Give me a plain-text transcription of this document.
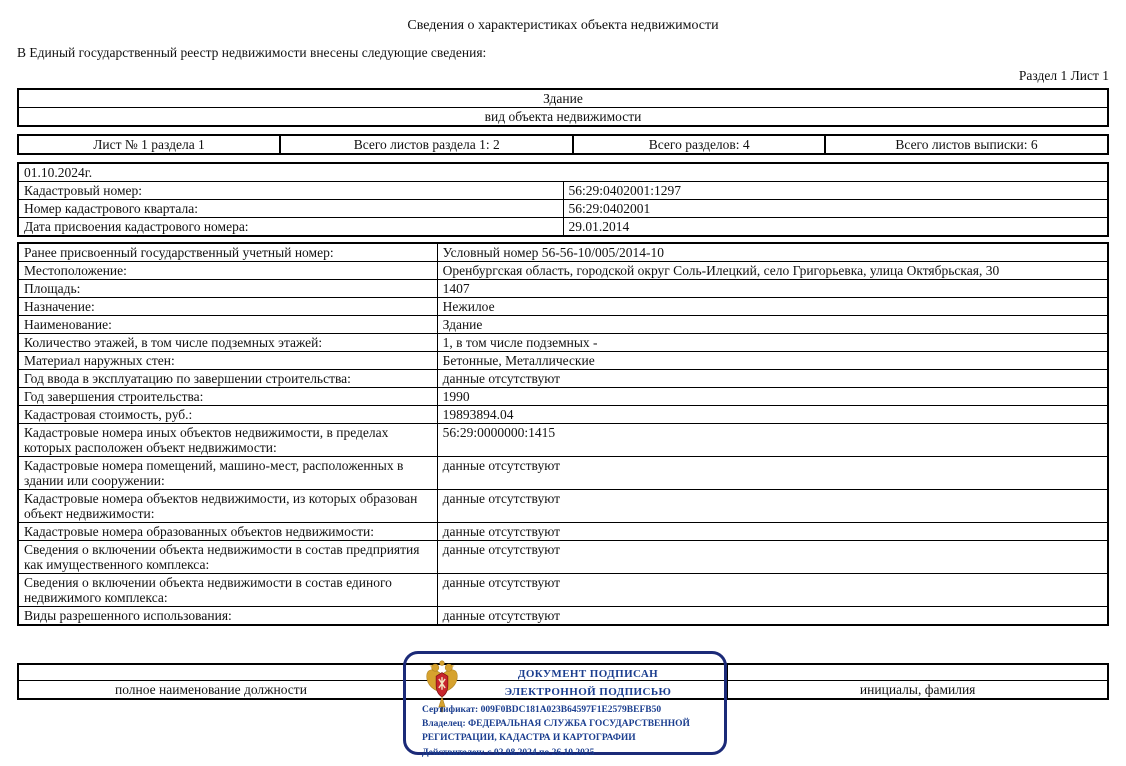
Сведения о характеристиках объекта недвижимости
В Единый государственный реестр недвижимости внесены следующие сведения:
Раздел 1 Лист 1
Здание
вид объекта недвижимости
Лист № 1 раздела 1	Всего листов раздела 1: 2	Всего разделов: 4	Всего листов выписки: 6
01.10.2024г.	
Кадастровый номер:	56:29:0402001:1297
Номер кадастрового квартала:	56:29:0402001
Дата присвоения кадастрового номера:	29.01.2014
Ранее присвоенный государственный учетный номер:	Условный номер 56-56-10/005/2014-10
Местоположение:	Оренбургская область, городской округ Соль-Илецкий, село Григорьевка, улица Октябрьская, 30
Площадь:	1407
Назначение:	Нежилое
Наименование:	Здание
Количество этажей, в том числе подземных этажей:	1, в том числе подземных -
Материал наружных стен:	Бетонные, Металлические
Год ввода в эксплуатацию по завершении строительства:	данные отсутствуют
Год завершения строительства:	1990
Кадастровая стоимость, руб.:	19893894.04
Кадастровые номера иных объектов недвижимости, в пределах которых расположен объект недвижимости:	56:29:0000000:1415
Кадастровые номера помещений, машино-мест, расположенных в здании или сооружении:	данные отсутствуют
Кадастровые номера объектов недвижимости, из которых образован объект недвижимости:	данные отсутствуют
Кадастровые номера образованных объектов недвижимости:	данные отсутствуют
Сведения о включении объекта недвижимости в состав предприятия как имущественного комплекса:	данные отсутствуют
Сведения о включении объекта недвижимости в состав единого недвижимого комплекса:	данные отсутствуют
Виды разрешенного использования:	данные отсутствуют

полное наименование должности		инициалы, фамилия
ДОКУМЕНТ ПОДПИСАН
ЭЛЕКТРОННОЙ ПОДПИСЬЮ
Сертификат: 009F0BDC181A023B64597F1E2579BEFB50
Владелец: ФЕДЕРАЛЬНАЯ СЛУЖБА ГОСУДАРСТВЕННОЙ
РЕГИСТРАЦИИ, КАДАСТРА И КАРТОГРАФИИ
Действителен: с 02.08.2024 по 26.10.2025
